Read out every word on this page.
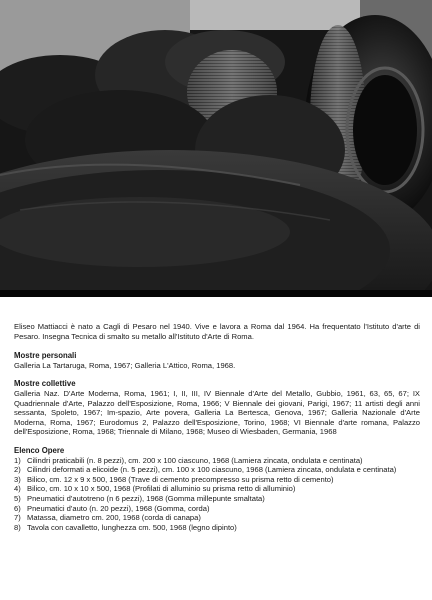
Eliseo Mattiacci è nato a Cagli di Pesaro nel 1940. Vive e lavora a Roma dal 1964. Ha frequentato l'Istituto d'arte di Pesaro. Insegna Tecnica di smalto su metallo all'Istituto d'Arte di Roma.

Mostre personali

Galleria La Tartaruga, Roma, 1967; Galleria L'Attico, Roma, 1968.

Mostre collettive

Galleria Naz. D'Arte Moderna, Roma, 1961; I, II, III, IV Biennale d'Arte del Metallo, Gubbio, 1961, 63, 65, 67; IX Quadriennale d'Arte, Palazzo dell'Esposizione, Roma, 1966; V Biennale dei giovani, Parigi, 1967; 11 artisti degli anni sessanta, Spoleto, 1967; Im-spazio, Arte povera, Galleria La Bertesca, Genova, 1967; Galleria Nazionale d'Arte Moderna, Roma, 1967; Eurodomus 2, Palazzo dell'Esposizione, Torino, 1968; VI Biennale d'arte romana, Palazzo dell'Esposizione, Roma, 1968; Triennale di Milano, 1968; Museo di Wiesbaden, Germania, 1968

Elenco Opere

1) Cilindri praticabili (n. 8 pezzi), cm. 200 x 100 ciascuno, 1968 (Lamiera zincata, ondulata e centinata)
2) Cilindri deformati a elicoide (n. 5 pezzi), cm. 100 x 100 ciascuno, 1968 (Lamiera zincata, ondulata e centinata)
3) Bilico, cm. 12 x 9 x 500, 1968 (Trave di cemento precompresso su prisma retto di cemento)
4) Bilico, cm. 10 x 10 x 500, 1968 (Profilati di alluminio su prisma retto di alluminio)
5) Pneumatici d'autotreno (n 6 pezzi), 1968 (Gomma millepunte smaltata)
6) Pneumatici d'auto (n. 20 pezzi), 1968 (Gomma, corda)
7) Matassa, diametro cm. 200, 1968 (corda di canapa)
8) Tavola con cavalletto, lunghezza cm. 500, 1968 (legno dipinto)
